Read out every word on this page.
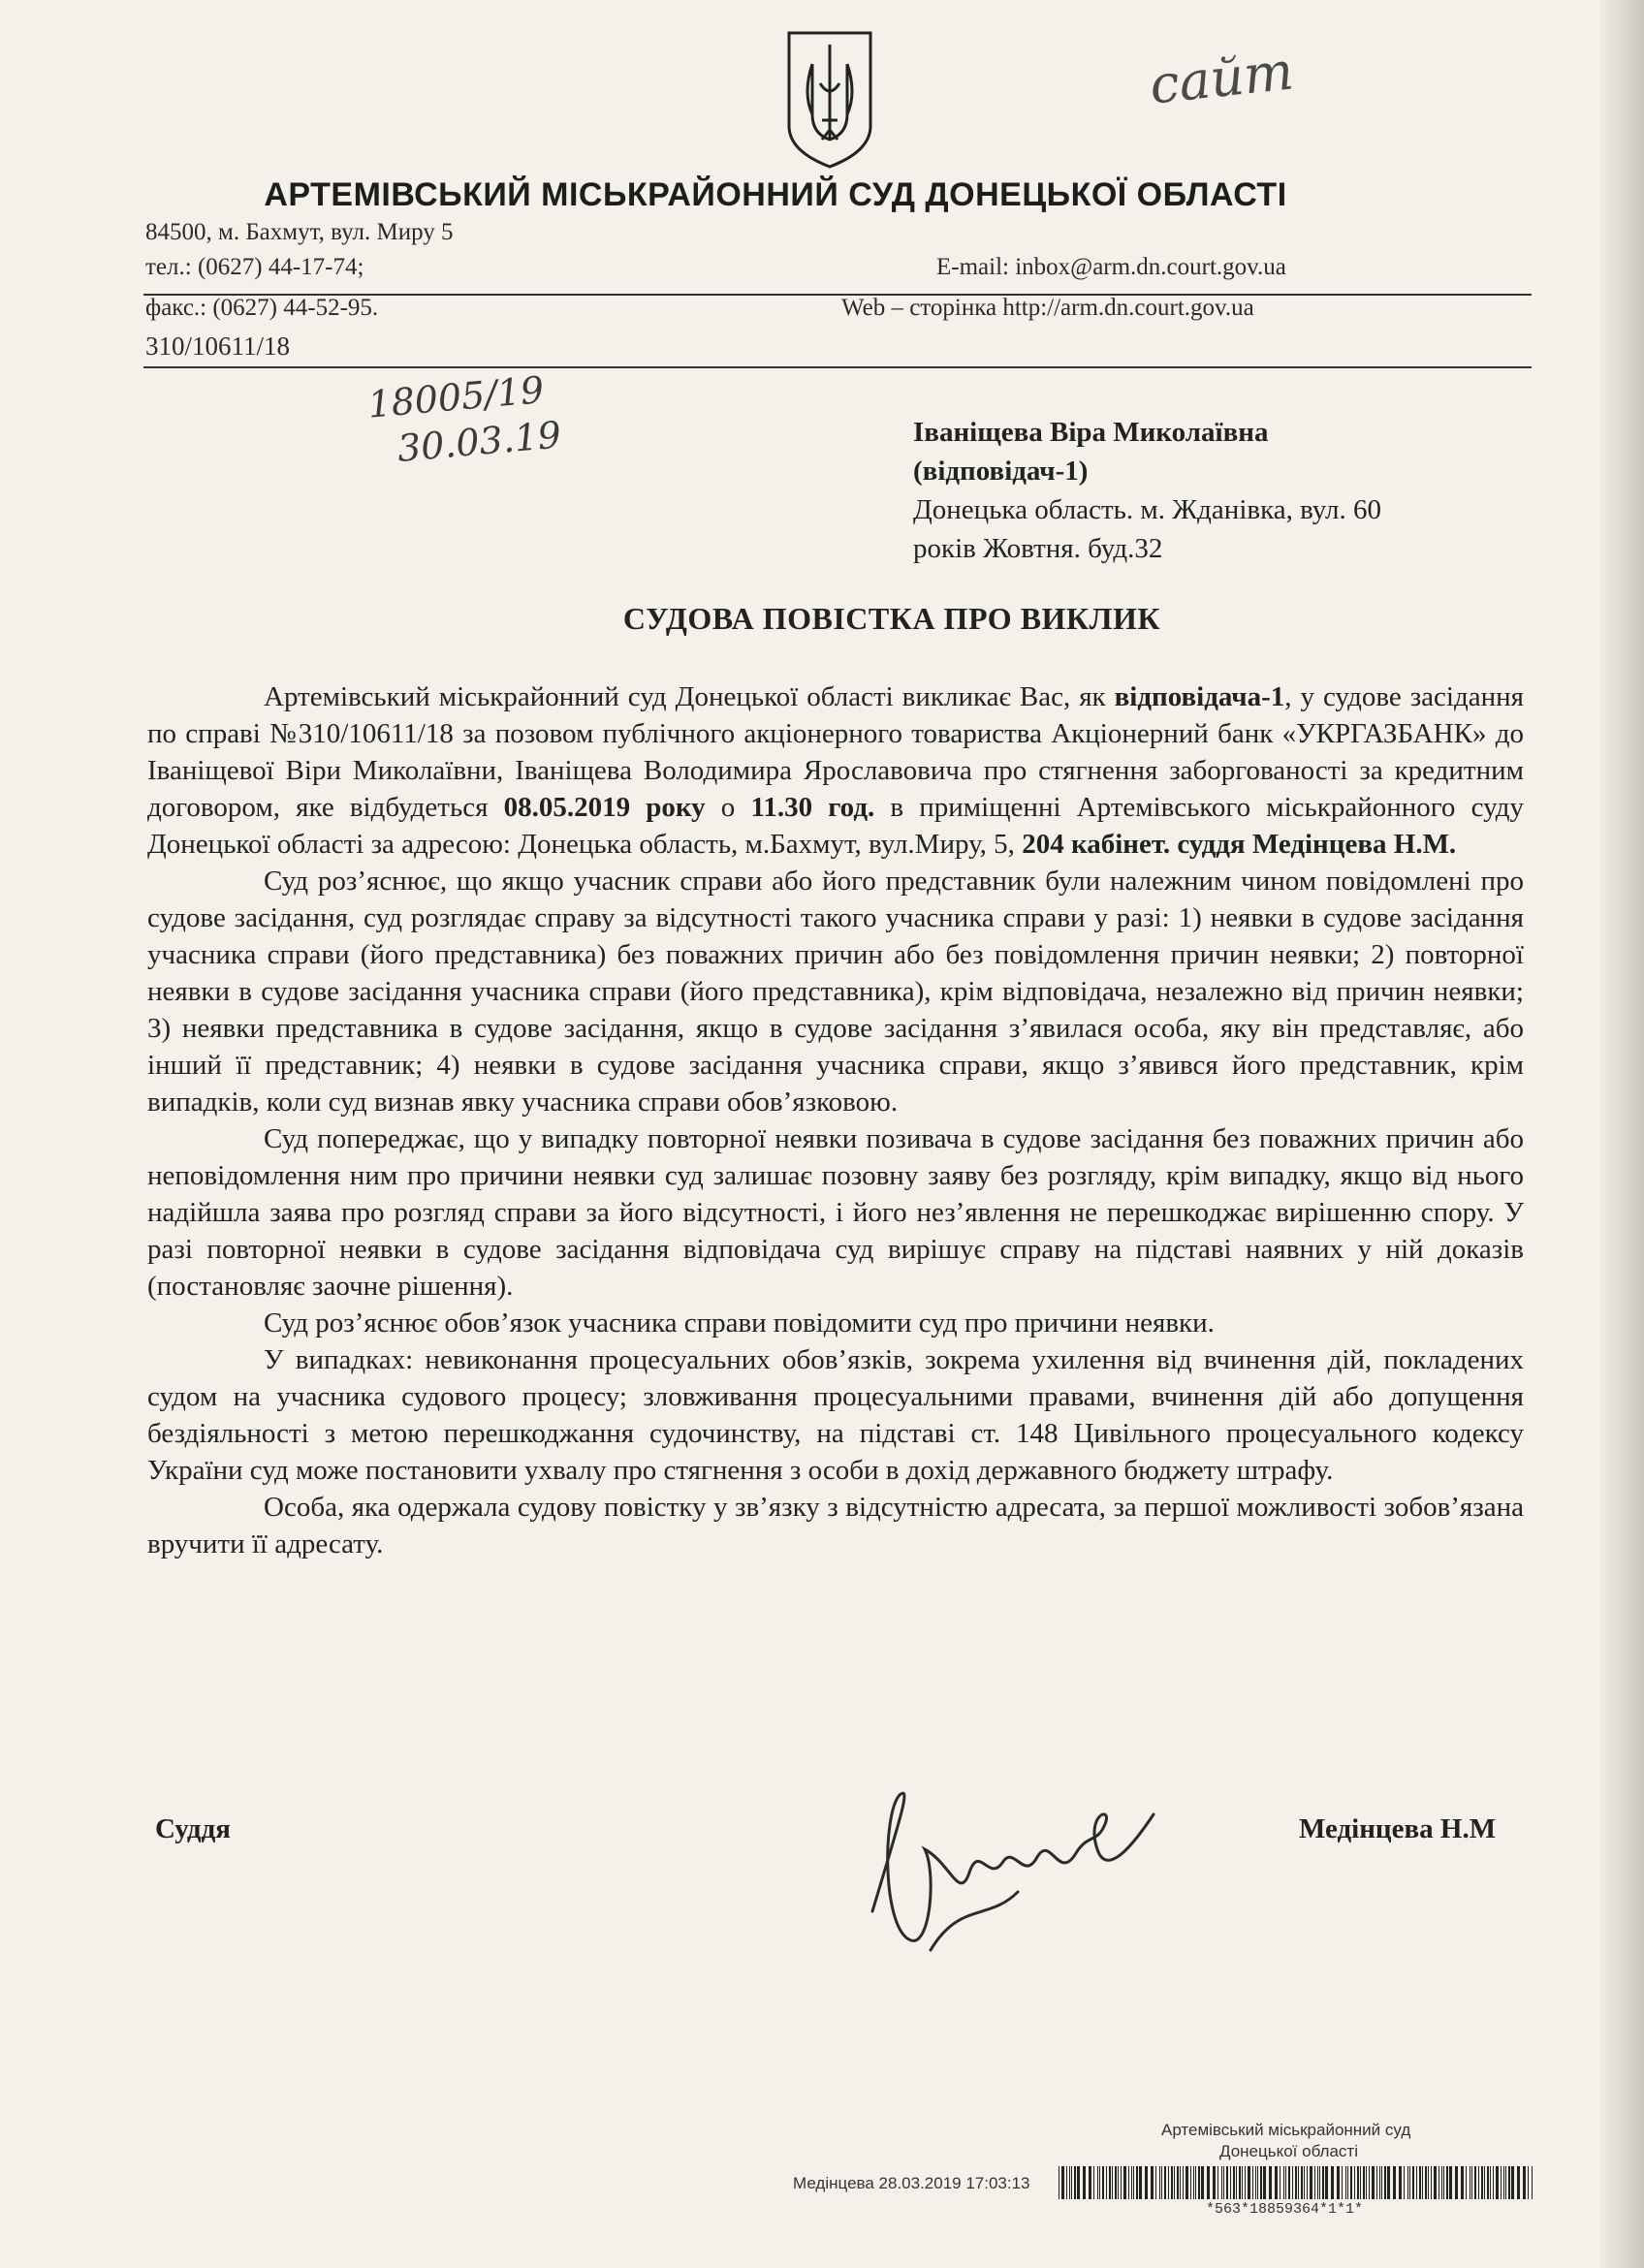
сайт
АРТЕМІВСЬКИЙ МІСЬКРАЙОННИЙ СУД ДОНЕЦЬКОЇ ОБЛАСТІ
84500, м. Бахмут, вул. Миру 5
тел.: (0627) 44-17-74;	E-mail: inbox@arm.dn.court.gov.ua
факс.: (0627) 44-52-95.	Web – сторінка http://arm.dn.court.gov.ua
310/10611/18
18005/19
30.03.19	Іваніщева Віра Миколаївна
(відповідач-1)
Донецька область. м. Жданівка, вул. 60
років Жовтня. буд.32
СУДОВА ПОВІСТКА ПРО ВИКЛИК

Артемівський міськрайонний суд Донецької області викликає Вас, як відповідача-1, у судове засідання по справі №310/10611/18 за позовом публічного акціонерного товариства Акціонерний банк «УКРГАЗБАНК» до Іваніщевої Віри Миколаївни, Іваніщева Володимира Ярославовича про стягнення заборгованості за кредитним договором, яке відбудеться 08.05.2019 року о 11.30 год. в приміщенні Артемівського міськрайонного суду Донецької області за адресою: Донецька область, м.Бахмут, вул.Миру, 5, 204 кабінет. суддя Медінцева Н.М.

Суд роз’яснює, що якщо учасник справи або його представник були належним чином повідомлені про судове засідання, суд розглядає справу за відсутності такого учасника справи у разі: 1) неявки в судове засідання учасника справи (його представника) без поважних причин або без повідомлення причин неявки; 2) повторної неявки в судове засідання учасника справи (його представника), крім відповідача, незалежно від причин неявки; 3) неявки представника в судове засідання, якщо в судове засідання з’явилася особа, яку він представляє, або інший її представник; 4) неявки в судове засідання учасника справи, якщо з’явився його представник, крім випадків, коли суд визнав явку учасника справи обов’язковою.

Суд попереджає, що у випадку повторної неявки позивача в судове засідання без поважних причин або неповідомлення ним про причини неявки суд залишає позовну заяву без розгляду, крім випадку, якщо від нього надійшла заява про розгляд справи за його відсутності, і його нез’явлення не перешкоджає вирішенню спору. У разі повторної неявки в судове засідання відповідача суд вирішує справу на підставі наявних у ній доказів (постановляє заочне рішення).

Суд роз’яснює обов’язок учасника справи повідомити суд про причини неявки.

У випадках: невиконання процесуальних обов’язків, зокрема ухилення від вчинення дій, покладених судом на учасника судового процесу; зловживання процесуальними правами, вчинення дій або допущення бездіяльності з метою перешкоджання судочинству, на підставі ст. 148 Цивільного процесуального кодексу України суд може постановити ухвалу про стягнення з особи в дохід державного бюджету штрафу.

Особа, яка одержала судову повістку у зв’язку з відсутністю адресата, за першої можливості зобов’язана вручити її адресату.

Суддя	Медінцева Н.М
Артемівський міськрайонний суд
Донецької області
Медінцева 28.03.2019 17:03:13
*563*18859364*1*1*
